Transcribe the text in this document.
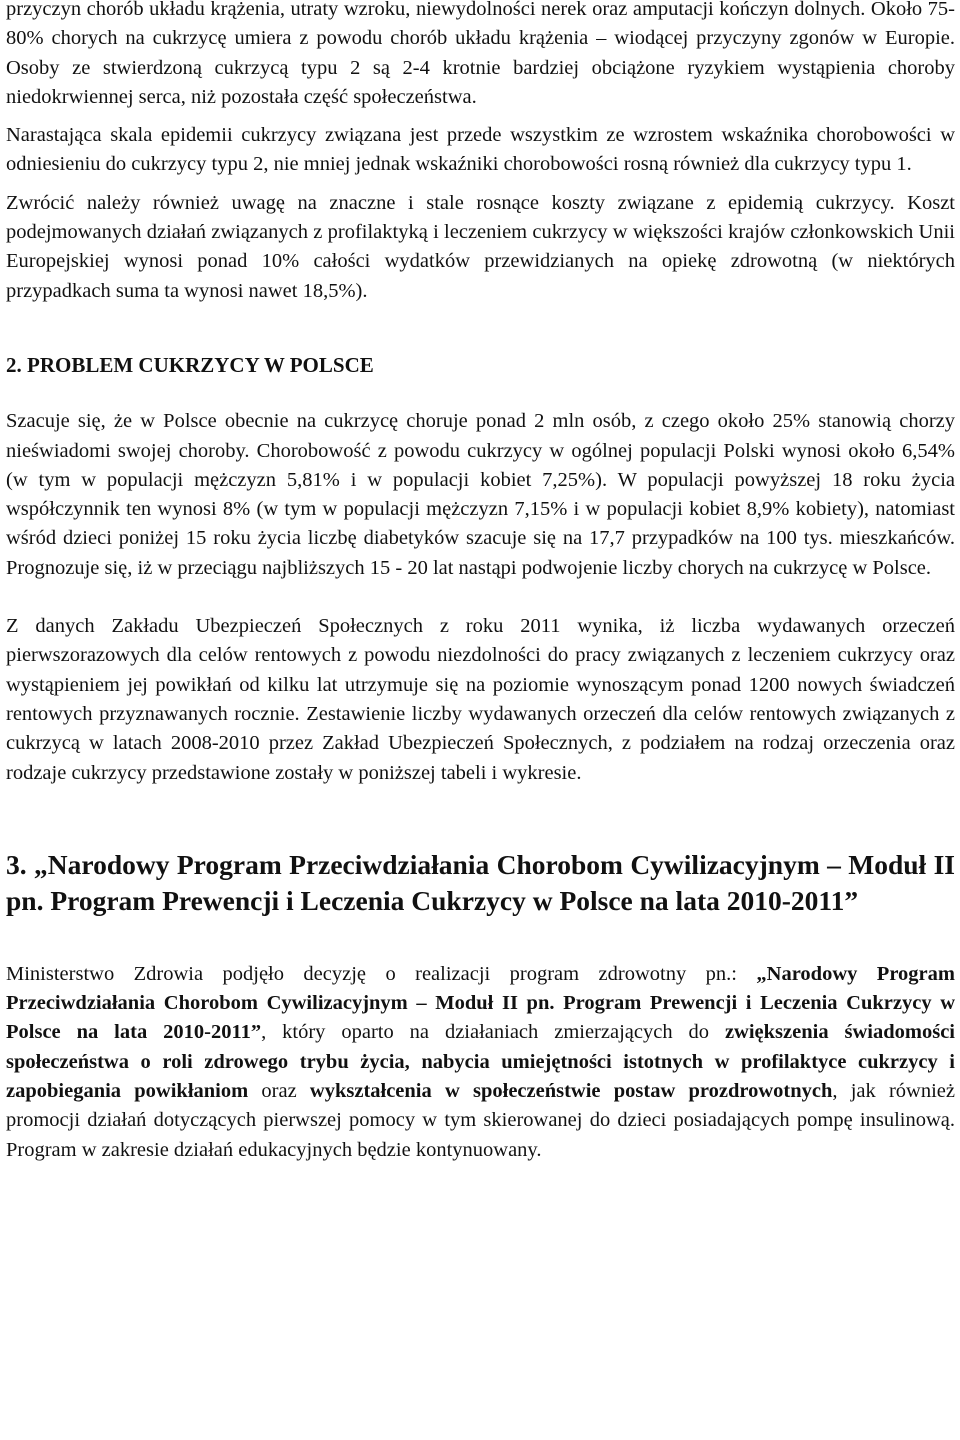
przyczyn chorób układu krążenia, utraty wzroku, niewydolności nerek oraz amputacji kończyn dolnych. Około 75-80% chorych na cukrzycę umiera z powodu chorób układu krążenia – wiodącej przyczyny zgonów w Europie. Osoby ze stwierdzoną cukrzycą typu 2 są 2-4 krotnie bardziej obciążone ryzykiem wystąpienia choroby niedokrwiennej serca, niż pozostała część społeczeństwa.

Narastająca skala epidemii cukrzycy związana jest przede wszystkim ze wzrostem wskaźnika chorobowości w odniesieniu do cukrzycy typu 2, nie mniej jednak wskaźniki chorobowości rosną również dla cukrzycy typu 1.

Zwrócić należy również uwagę na znaczne i stale rosnące koszty związane z epidemią cukrzycy. Koszt podejmowanych działań związanych z profilaktyką i leczeniem cukrzycy w większości krajów członkowskich Unii Europejskiej wynosi ponad 10% całości wydatków przewidzianych na opiekę zdrowotną (w niektórych przypadkach suma ta wynosi nawet 18,5%).

2. PROBLEM CUKRZYCY W POLSCE

Szacuje się, że w Polsce obecnie na cukrzycę choruje ponad 2 mln osób, z czego około 25% stanowią chorzy nieświadomi swojej choroby. Chorobowość z powodu cukrzycy w ogólnej populacji Polski wynosi około 6,54% (w tym w populacji mężczyzn 5,81% i w populacji kobiet 7,25%). W populacji powyższej 18 roku życia współczynnik ten wynosi 8% (w tym w populacji mężczyzn 7,15% i w populacji kobiet 8,9% kobiety), natomiast wśród dzieci poniżej 15 roku życia liczbę diabetyków szacuje się na 17,7 przypadków na 100 tys. mieszkańców. Prognozuje się, iż w przeciągu najbliższych 15 - 20 lat nastąpi podwojenie liczby chorych na cukrzycę w Polsce.

Z danych Zakładu Ubezpieczeń Społecznych z roku 2011 wynika, iż liczba wydawanych orzeczeń pierwszorazowych dla celów rentowych z powodu niezdolności do pracy związanych z leczeniem cukrzycy oraz wystąpieniem jej powikłań od kilku lat utrzymuje się na poziomie wynoszącym ponad 1200 nowych świadczeń rentowych przyznawanych rocznie. Zestawienie liczby wydawanych orzeczeń dla celów rentowych związanych z cukrzycą w latach 2008-2010 przez Zakład Ubezpieczeń Społecznych, z podziałem na rodzaj orzeczenia oraz rodzaje cukrzycy przedstawione zostały w poniższej tabeli i wykresie.

3. „Narodowy Program Przeciwdziałania Chorobom Cywilizacyjnym – Moduł II pn. Program Prewencji i Leczenia Cukrzycy w Polsce na lata 2010-2011”

Ministerstwo Zdrowia podjęło decyzję o realizacji program zdrowotny pn.: „Narodowy Program Przeciwdziałania Chorobom Cywilizacyjnym – Moduł II pn. Program Prewencji i Leczenia Cukrzycy w Polsce na lata 2010-2011”, który oparto na działaniach zmierzających do zwiększenia świadomości społeczeństwa o roli zdrowego trybu życia, nabycia umiejętności istotnych w profilaktyce cukrzycy i zapobiegania powikłaniom oraz wykształcenia w społeczeństwie postaw prozdrowotnych, jak również promocji działań dotyczących pierwszej pomocy w tym skierowanej do dzieci posiadających pompę insulinową. Program w zakresie działań edukacyjnych będzie kontynuowany.
